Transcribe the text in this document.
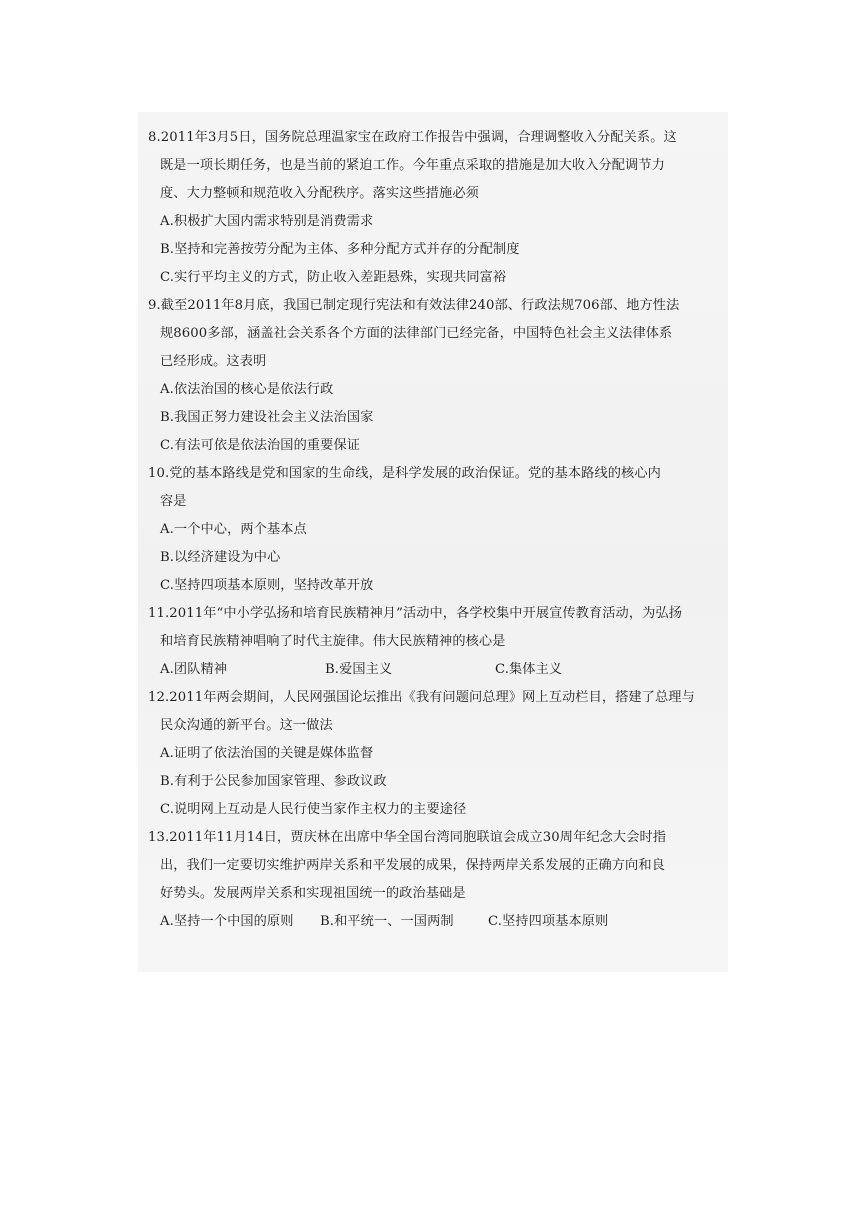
8.2011年3月5日，国务院总理温家宝在政府工作报告中强调，合理调整收入分配关系。这
既是一项长期任务，也是当前的紧迫工作。今年重点采取的措施是加大收入分配调节力
度、大力整顿和规范收入分配秩序。落实这些措施必须
A.积极扩大国内需求特别是消费需求
B.坚持和完善按劳分配为主体、多种分配方式并存的分配制度
C.实行平均主义的方式，防止收入差距悬殊，实现共同富裕
9.截至2011年8月底，我国已制定现行宪法和有效法律240部、行政法规706部、地方性法
规8600多部，涵盖社会关系各个方面的法律部门已经完备，中国特色社会主义法律体系
已经形成。这表明
A.依法治国的核心是依法行政
B.我国正努力建设社会主义法治国家
C.有法可依是依法治国的重要保证
10.党的基本路线是党和国家的生命线，是科学发展的政治保证。党的基本路线的核心内
容是
A.一个中心，两个基本点
B.以经济建设为中心
C.坚持四项基本原则，坚持改革开放
11.2011年“中小学弘扬和培育民族精神月”活动中，各学校集中开展宣传教育活动，为弘扬
和培育民族精神唱响了时代主旋律。伟大民族精神的核心是
A.团队精神	B.爱国主义	C.集体主义
12.2011年两会期间，人民网强国论坛推出《我有问题问总理》网上互动栏目，搭建了总理与
民众沟通的新平台。这一做法
A.证明了依法治国的关键是媒体监督
B.有利于公民参加国家管理、参政议政
C.说明网上互动是人民行使当家作主权力的主要途径
13.2011年11月14日，贾庆林在出席中华全国台湾同胞联谊会成立30周年纪念大会时指
出，我们一定要切实维护两岸关系和平发展的成果，保持两岸关系发展的正确方向和良
好势头。发展两岸关系和实现祖国统一的政治基础是
A.坚持一个中国的原则 B.和平统一、一国两制	C.坚持四项基本原则
